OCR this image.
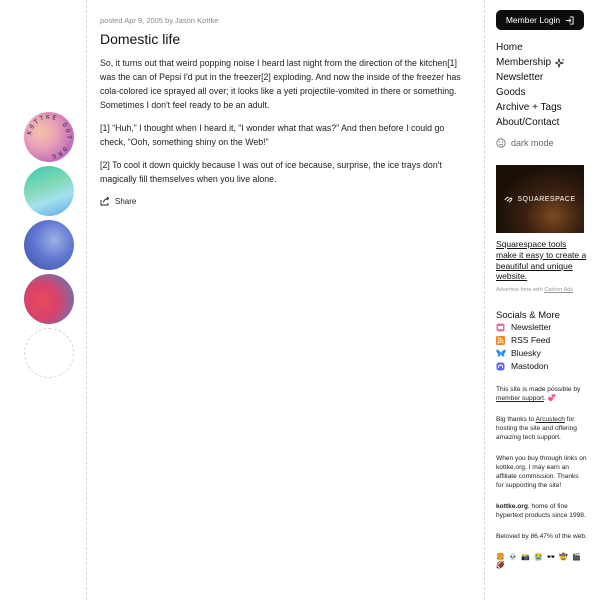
KOTTKE DOT ORG
posted Apr 9, 2005 by Jason Kottke
Domestic life

So, it turns out that weird popping noise I heard last night from the direction of the kitchen[1] was the can of Pepsi I'd put in the freezer[2] exploding. And now the inside of the freezer has cola-colored ice sprayed all over; it looks like a yeti projectile-vomited in there or something. Sometimes I don't feel ready to be an adult.

[1] “Huh,” I thought when I heard it, “I wonder what that was?” And then before I could go check, “Ooh, something shiny on the Web!”

[2] To cool it down quickly because I was out of ice because, surprise, the ice trays don't magically fill themselves when you live alone.

Share
Member Login
Home
Membership
Newsletter
Goods
Archive + Tags
About/Contact
dark mode
SQUARESPACE
Squarespace tools make it easy to create a beautiful and unique website.
Advertise here with Carbon Ads
Socials & More
Newsletter
RSS Feed
Bluesky
Mastodon
This site is made possible by member support. 💞
Big thanks to Arcustech for hosting the site and offering amazing tech support.
When you buy through links on kottke.org, I may earn an affiliate commission. Thanks for supporting the site!
kottke.org. home of fine hypertext products since 1998.
Beloved by 86.47% of the web.
🍔 💀 📸 😭 🕶️ 🤠 🎬 🏈
